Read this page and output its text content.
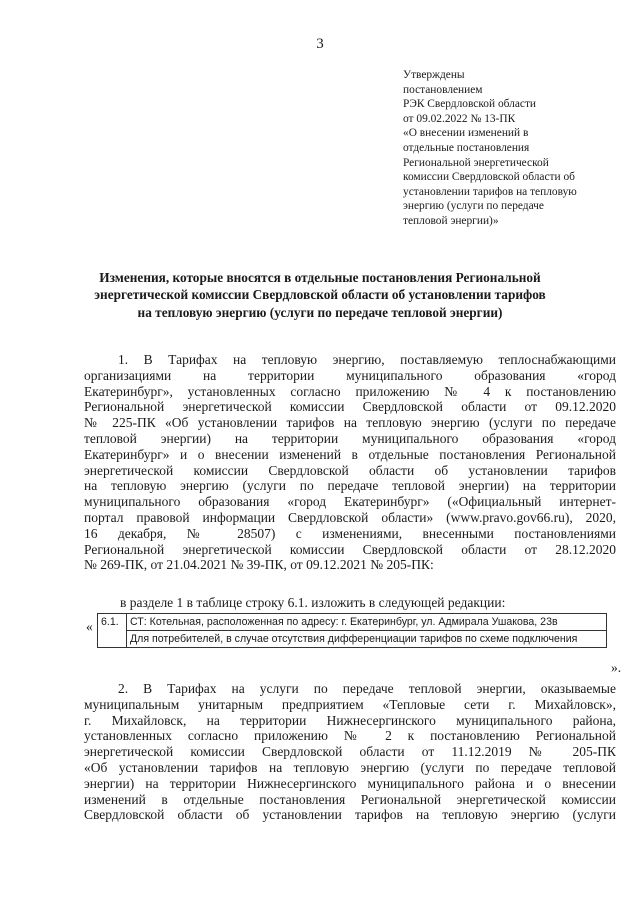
3
Утверждены
постановлением
РЭК Свердловской области
от 09.02.2022 № 13-ПК
«О внесении изменений в
отдельные постановления
Региональной энергетической
комиссии Свердловской области об
установлении тарифов на тепловую
энергию (услуги по передаче
тепловой энергии)»
Изменения, которые вносятся в отдельные постановления Региональной
энергетической комиссии Свердловской области об установлении тарифов
на тепловую энергию (услуги по передаче тепловой энергии)
1. В Тарифах на тепловую энергию, поставляемую теплоснабжающими
организациями на территории муниципального образования «город
Екатеринбург», установленных согласно приложению № 4 к постановлению
Региональной энергетической комиссии Свердловской области от 09.12.2020
№ 225-ПК «Об установлении тарифов на тепловую энергию (услуги по передаче
тепловой энергии) на территории муниципального образования «город
Екатеринбург» и о внесении изменений в отдельные постановления Региональной
энергетической комиссии Свердловской области об установлении тарифов
на тепловую энергию (услуги по передаче тепловой энергии) на территории
муниципального образования «город Екатеринбург» («Официальный интернет-
портал правовой информации Свердловской области» (www.pravo.gov66.ru), 2020,
16 декабря, № 28507) с изменениями, внесенными постановлениями
Региональной энергетической комиссии Свердловской области от 28.12.2020
№ 269-ПК, от 21.04.2021 № 39-ПК, от 09.12.2021 № 205-ПК:
в разделе 1 в таблице строку 6.1. изложить в следующей редакции:
« 6.1.	СТ: Котельная, расположенная по адресу: г. Екатеринбург, ул. Адмирала Ушакова, 23в
Для потребителей, в случае отсутствия дифференциации тарифов по схеме подключения
».
2. В Тарифах на услуги по передаче тепловой энергии, оказываемые
муниципальным унитарным предприятием «Тепловые сети г. Михайловск»,
г. Михайловск, на территории Нижнесергинского муниципального района,
установленных согласно приложению № 2 к постановлению Региональной
энергетической комиссии Свердловской области от 11.12.2019 № 205-ПК
«Об установлении тарифов на тепловую энергию (услуги по передаче тепловой
энергии) на территории Нижнесергинского муниципального района и о внесении
изменений в отдельные постановления Региональной энергетической комиссии
Свердловской области об установлении тарифов на тепловую энергию (услуги
